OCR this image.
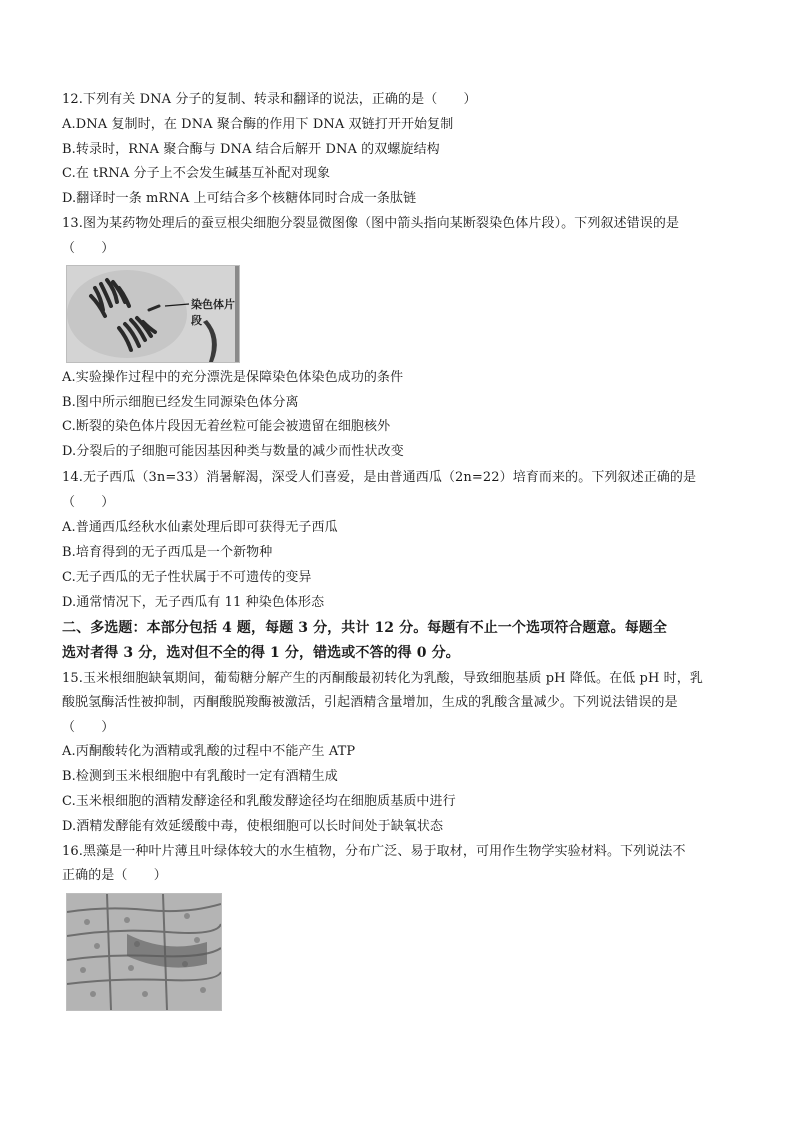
12.下列有关 DNA 分子的复制、转录和翻译的说法，正确的是（　　）
A.DNA 复制时，在 DNA 聚合酶的作用下 DNA 双链打开开始复制
B.转录时，RNA 聚合酶与 DNA 结合后解开 DNA 的双螺旋结构
C.在 tRNA 分子上不会发生碱基互补配对现象
D.翻译时一条 mRNA 上可结合多个核糖体同时合成一条肽链
13.图为某药物处理后的蚕豆根尖细胞分裂显微图像（图中箭头指向某断裂染色体片段）。下列叙述错误的是
（　　）
染色体片段
A.实验操作过程中的充分漂洗是保障染色体染色成功的条件
B.图中所示细胞已经发生同源染色体分离
C.断裂的染色体片段因无着丝粒可能会被遗留在细胞核外
D.分裂后的子细胞可能因基因种类与数量的减少而性状改变
14.无子西瓜（3n=33）消暑解渴，深受人们喜爱，是由普通西瓜（2n=22）培育而来的。下列叙述正确的是
（　　）
A.普通西瓜经秋水仙素处理后即可获得无子西瓜
B.培育得到的无子西瓜是一个新物种
C.无子西瓜的无子性状属于不可遗传的变异
D.通常情况下，无子西瓜有 11 种染色体形态
二、多选题：本部分包括 4 题，每题 3 分，共计 12 分。每题有不止一个选项符合题意。每题全
选对者得 3 分，选对但不全的得 1 分，错选或不答的得 0 分。
15.玉米根细胞缺氧期间，葡萄糖分解产生的丙酮酸最初转化为乳酸，导致细胞基质 pH 降低。在低 pH 时，乳
酸脱氢酶活性被抑制，丙酮酸脱羧酶被激活，引起酒精含量增加，生成的乳酸含量减少。下列说法错误的是
（　　）
A.丙酮酸转化为酒精或乳酸的过程中不能产生 ATP
B.检测到玉米根细胞中有乳酸时一定有酒精生成
C.玉米根细胞的酒精发酵途径和乳酸发酵途径均在细胞质基质中进行
D.酒精发酵能有效延缓酸中毒，使根细胞可以长时间处于缺氧状态
16.黑藻是一种叶片薄且叶绿体较大的水生植物，分布广泛、易于取材，可用作生物学实验材料。下列说法不
正确的是（　　）
